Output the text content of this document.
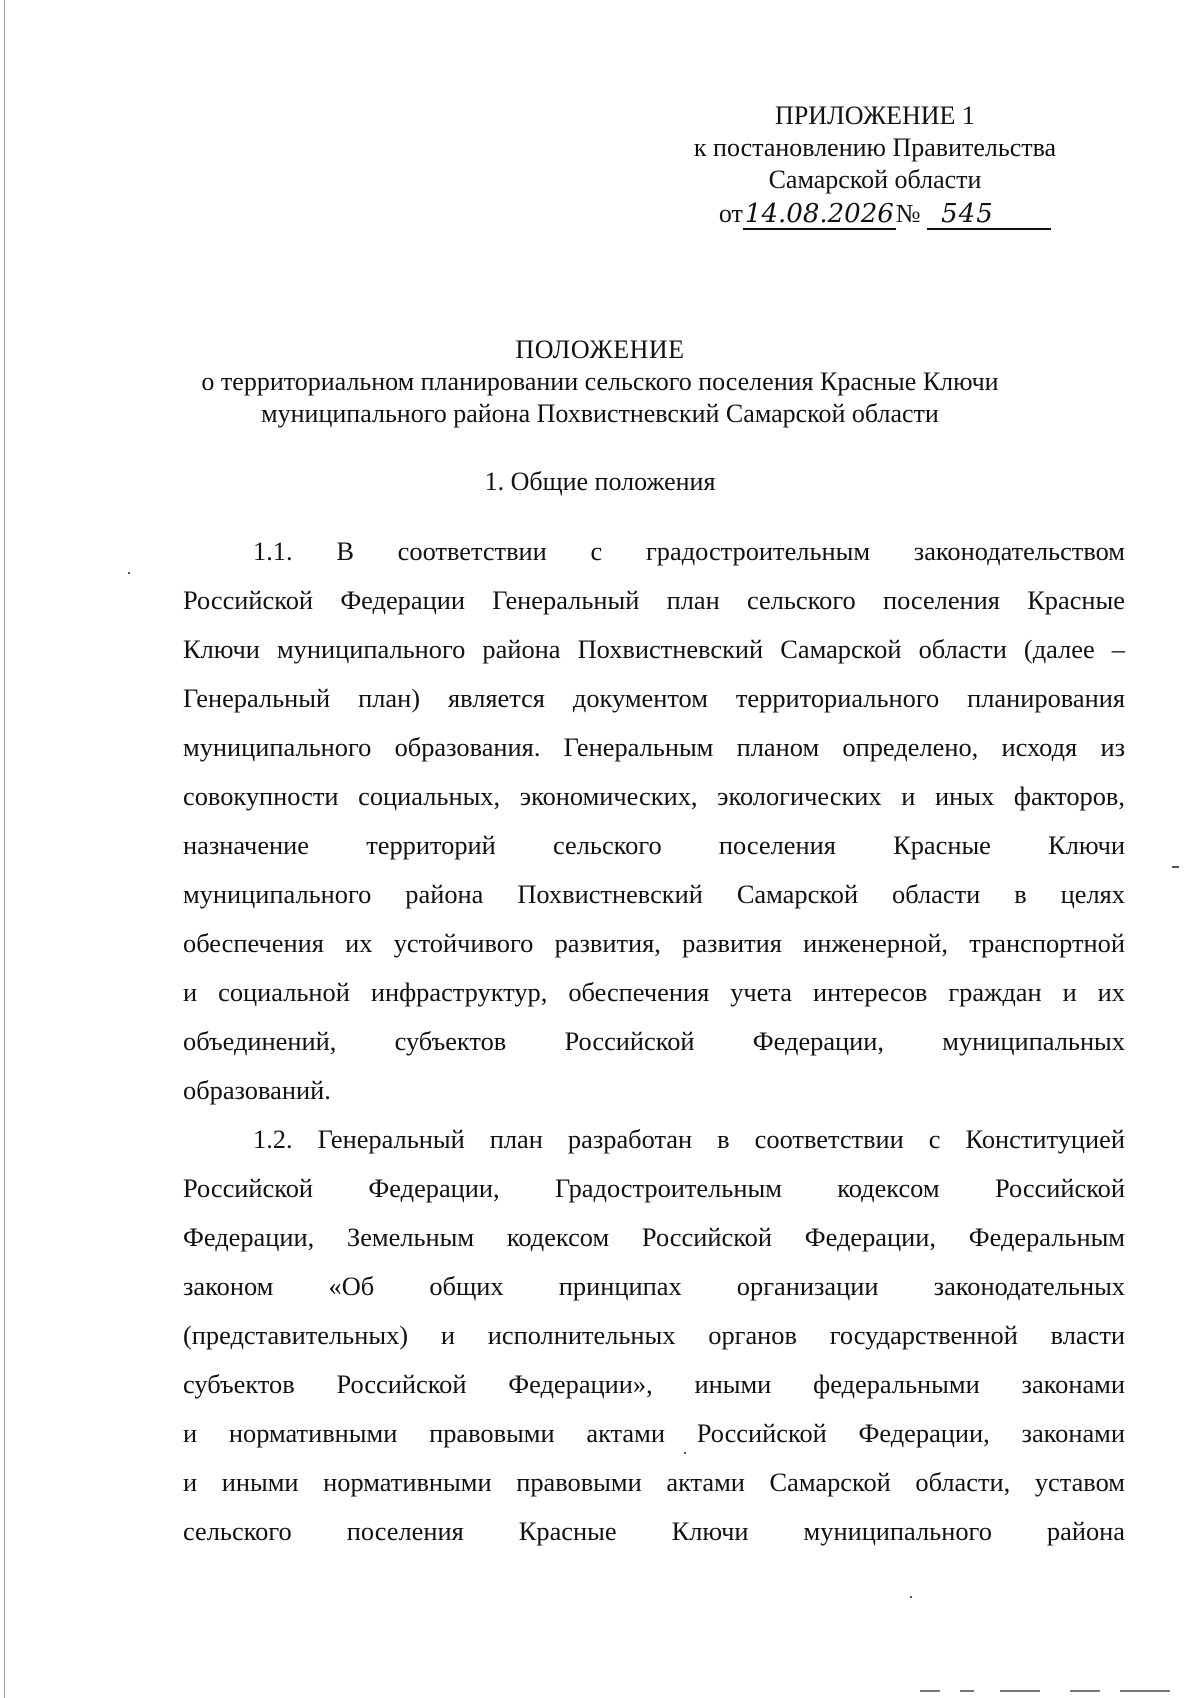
ПРИЛОЖЕНИЕ 1
к постановлению Правительства
Самарской области
от14.08.2026№ 545
ПОЛОЖЕНИЕ
о территориальном планировании сельского поселения Красные Ключи
муниципального района Похвистневский Самарской области
1. Общие положения
1.1. В соответствии с градостроительным законодательством
Российской Федерации Генеральный план сельского поселения Красные
Ключи муниципального района Похвистневский Самарской области (далее –
Генеральный план) является документом территориального планирования
муниципального образования. Генеральным планом определено, исходя из
совокупности социальных, экономических, экологических и иных факторов,
назначение территорий сельского поселения Красные Ключи
муниципального района Похвистневский Самарской области в целях
обеспечения их устойчивого развития, развития инженерной, транспортной
и социальной инфраструктур, обеспечения учета интересов граждан и их
объединений, субъектов Российской Федерации, муниципальных
образований.
1.2. Генеральный план разработан в соответствии с Конституцией
Российской Федерации, Градостроительным кодексом Российской
Федерации, Земельным кодексом Российской Федерации, Федеральным
законом «Об общих принципах организации законодательных
(представительных) и исполнительных органов государственной власти
субъектов Российской Федерации», иными федеральными законами
и нормативными правовыми актами Российской Федерации, законами
и иными нормативными правовыми актами Самарской области, уставом
сельского поселения Красные Ключи муниципального района
